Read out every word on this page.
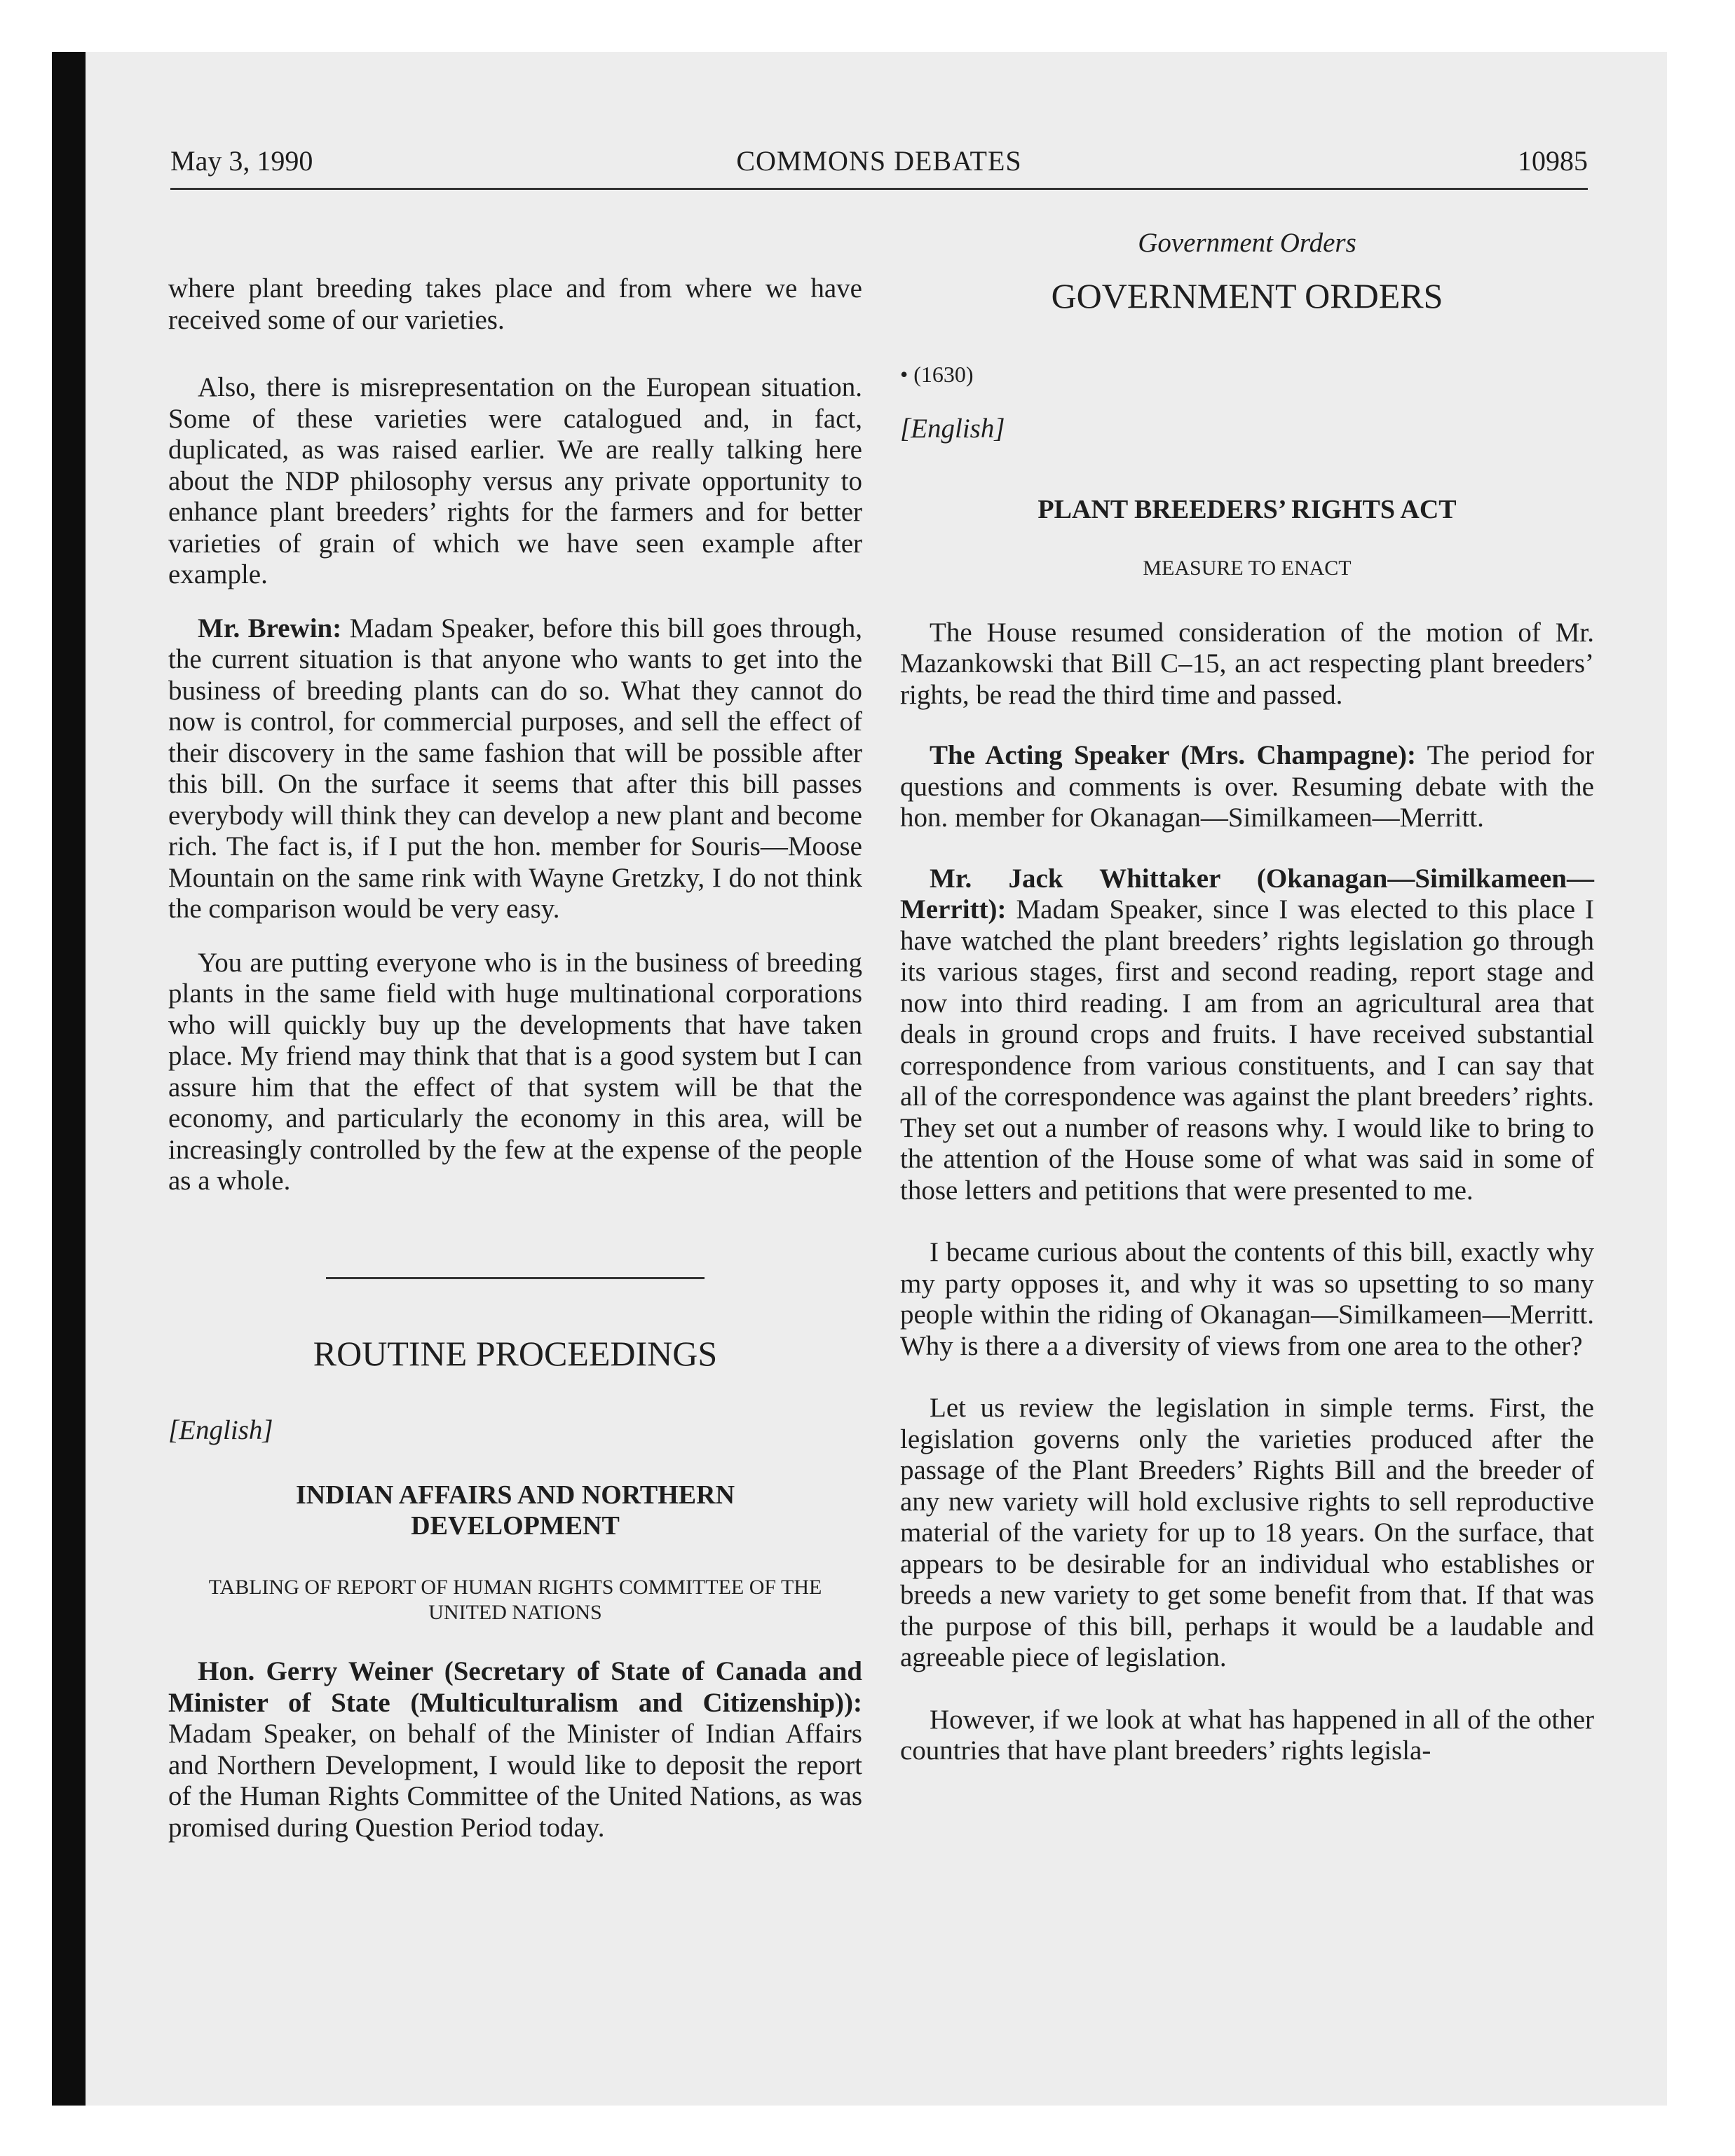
May 3, 1990	COMMONS DEBATES	10985

where plant breeding takes place and from where we have received some of our varieties.

Also, there is misrepresentation on the European situation. Some of these varieties were catalogued and, in fact, duplicated, as was raised earlier. We are really talking here about the NDP philosophy versus any private opportunity to enhance plant breeders’ rights for the farmers and for better varieties of grain of which we have seen example after example.

Mr. Brewin: Madam Speaker, before this bill goes through, the current situation is that anyone who wants to get into the business of breeding plants can do so. What they cannot do now is control, for commercial purposes, and sell the effect of their discovery in the same fashion that will be possible after this bill. On the surface it seems that after this bill passes everybody will think they can develop a new plant and become rich. The fact is, if I put the hon. member for Souris—Moose Mountain on the same rink with Wayne Gretzky, I do not think the comparison would be very easy.

You are putting everyone who is in the business of breeding plants in the same field with huge multinational corporations who will quickly buy up the developments that have taken place. My friend may think that that is a good system but I can assure him that the effect of that system will be that the economy, and particularly the economy in this area, will be increasingly controlled by the few at the expense of the people as a whole.

ROUTINE PROCEEDINGS

[English]

INDIAN AFFAIRS AND NORTHERN DEVELOPMENT

TABLING OF REPORT OF HUMAN RIGHTS COMMITTEE OF THE UNITED NATIONS

Hon. Gerry Weiner (Secretary of State of Canada and Minister of State (Multiculturalism and Citizenship)): Madam Speaker, on behalf of the Minister of Indian Affairs and Northern Development, I would like to deposit the report of the Human Rights Committee of the United Nations, as was promised during Question Period today.

Government Orders

GOVERNMENT ORDERS

• (1630)

[English]

PLANT BREEDERS’ RIGHTS ACT

MEASURE TO ENACT

The House resumed consideration of the motion of Mr. Mazankowski that Bill C–15, an act respecting plant breeders’ rights, be read the third time and passed.

The Acting Speaker (Mrs. Champagne): The period for questions and comments is over. Resuming debate with the hon. member for Okanagan—Similkameen—Merritt.

Mr. Jack Whittaker (Okanagan—Similkameen—Merritt): Madam Speaker, since I was elected to this place I have watched the plant breeders’ rights legislation go through its various stages, first and second reading, report stage and now into third reading. I am from an agricultural area that deals in ground crops and fruits. I have received substantial correspondence from various constituents, and I can say that all of the correspondence was against the plant breeders’ rights. They set out a number of reasons why. I would like to bring to the attention of the House some of what was said in some of those letters and petitions that were presented to me.

I became curious about the contents of this bill, exactly why my party opposes it, and why it was so upsetting to so many people within the riding of Okanagan—Similkameen—Merritt. Why is there a a diversity of views from one area to the other?

Let us review the legislation in simple terms. First, the legislation governs only the varieties produced after the passage of the Plant Breeders’ Rights Bill and the breeder of any new variety will hold exclusive rights to sell reproductive material of the variety for up to 18 years. On the surface, that appears to be desirable for an individual who establishes or breeds a new variety to get some benefit from that. If that was the purpose of this bill, perhaps it would be a laudable and agreeable piece of legislation.

However, if we look at what has happened in all of the other countries that have plant breeders’ rights legisla-
